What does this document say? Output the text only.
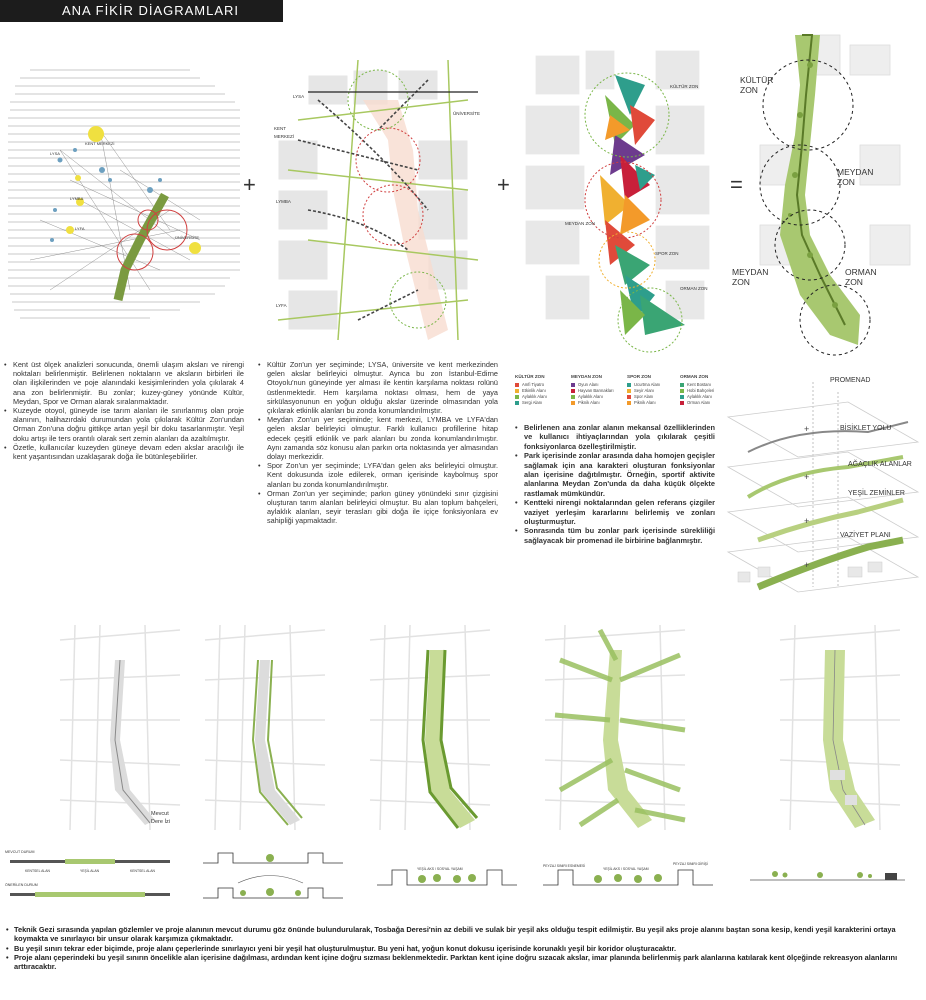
ANA FİKİR DİAGRAMLARI
KENT MERKEZİ
LYSA
LYMBA
ÜNİVERSİTE
LYFA
+
LYSA
KENT MERKEZİ
ÜNİVERSİTE
LYMBA
LYFA
+
KÜLTÜR ZON
MEYDAN ZON
SPOR ZON
ORMAN ZON
=
KÜLTÜR
ZON
MEYDAN
ZON
MEYDAN
ZON
ORMAN
ZON
• Kent üst ölçek analizleri sonucunda, önemli ulaşım aksları ve nirengi noktaları belirlenmiştir. Belirlenen noktaların ve aksların birbirleri ile olan ilişkilerinden ve poje alanındaki kesişimlerinden yola çıkılarak 4 ana zon belirlenmiştir. Bu zonlar; kuzey-güney yönünde Kültür, Meydan, Spor ve Orman alarak sıralanmaktadır.
• Kuzeyde otoyol, güneyde ise tarım alanları ile sınırlanmış olan proje alanının, halihazırdaki durumundan yola çıkılarak Kültür Zon'undan Orman Zon'una doğru gittikçe artan yeşil bir doku tasarlanmıştır. Yeşil doku artışı ile ters orantılı olarak sert zemin alanları da azaltılmıştır.
• Özetle, kullanıcılar kuzeyden güneye devam eden akslar aracılığı ile kent yaşantısından uzaklaşarak doğa ile bütünleşebilirler.
• Kültür Zon'un yer seçiminde; LYSA, üniversite ve kent merkezinden gelen akslar belirleyici olmuştur. Ayrıca bu zon İstanbul-Edirne Otoyolu'nun güneyinde yer alması ile kentin karşılama noktası rolünü üstlenmektedir. Hem karşılama noktası olması, hem de yaya sirkülasyonunun en yoğun olduğu akslar üzerinde olmasından yola çıkılarak etkinlik alanları bu zonda konumlandırılmıştır.
• Meydan Zon'un yer seçiminde; kent merkezi, LYMBA ve LYFA'dan gelen akslar belirleyici olmuştur. Farklı kullanıcı profillerine hitap edecek çeşitli etkinlik ve park alanları bu zonda konumlandırılmıştır. Aynı zamanda söz konusu alan parkın orta noktasında yer almasından dolayı merkezidir.
• Spor Zon'un yer seçiminde; LYFA'dan gelen aks belirleyici olmuştur. Kent dokusunda izole edilerek, orman içerisinde kaybolmuş spor alanları bu zonda konumlandırılmıştır.
• Orman Zon'un yer seçiminde; parkın güney yönündeki sınır çizgisini oluşturan tarım alanları belirleyici olmuştur. Bu alan toplum bahçeleri, aylaklık alanları, seyir terasları gibi doğa ile içiçe fonksiyonlara ev sahipliği yapmaktadır.
KÜLTÜR ZON
Amfi Tiyatro
Etkinlik Alanı
Aylaklık Alanı
Sergi Alanı
MEYDAN ZON
Oyun Alanı
Hayvan Barınakları
Aylaklık Alanı
Piknik Alanı
SPOR ZON
Ucurtma Alanı
Seyir Alanı
Spor Alanı
Piknik Alanı
ORMAN ZON
Kent Bostanı
Hobi Bahçeleri
Aylaklık Alanı
Orman Alanı
• Belirlenen ana zonlar alanın mekansal özelliklerinden ve kullanıcı ihtiyaçlarından yola çıkılarak çeşitli fonksiyonlarca özelleştirilmiştir.
• Park içerisinde zonlar arasında daha homojen geçişler sağlamak için ana karakteri oluşturan fonksiyonlar alan içerisine dağıtılmıştır. Örneğin, sportif aktivite alanlarına Meydan Zon'unda da daha küçük ölçekte rastlamak mümkündür.
• Kentteki nirengi noktalarından gelen referans çizgiler vaziyet yerleşim kararlarını belirlemiş ve zonları oluşturmuştur.
• Sonrasında tüm bu zonlar park içerisinde sürekliliği sağlayacak bir promenad ile birbirine bağlanmıştır.
+
+
+
+
PROMENAD
BİSİKLET YOLU
AĞAÇLIK ALANLAR
YEŞİL ZEMİNLER
VAZİYET PLANI
Mevcut
Dere İzi
MEVCUT DURUM
ÖNERİLEN DURUM
KENTSEL ALAN	YEŞİL ALAN	KENTSEL ALAN	YEŞİL AKS / SOSYAL YAŞAM
PEYZAJ SINIRI ESNEMESİ	PEYZAJ SINIRI GİRİŞİ
YEŞİL AKS / SOSYAL YAŞAM
• Teknik Gezi sırasında yapılan gözlemler ve proje alanının mevcut durumu göz önünde bulundurularak, Tosbağa Deresi'nin az debili ve sulak bir yeşil aks olduğu tespit edilmiştir. Bu yeşil aks proje alanını baştan sona kesip, kendi yeşil karakterini ortaya koymakta ve sınırlayıcı bir unsur olarak karşımıza çıkmaktadır.
• Bu yeşil sınırı tekrar eder biçimde, proje alanı çeperlerinde sınırlayıcı yeni bir yeşil hat oluşturulmuştur. Bu yeni hat, yoğun konut dokusu içerisinde korunaklı yeşil bir koridor oluşturacaktır.
• Proje alanı çeperindeki bu yeşil sınırın öncelikle alan içerisine dağılması, ardından kent içine doğru sızması beklenmektedir. Parktan kent içine doğru sızacak akslar, imar planında belirlenmiş park alanlarına katılarak kent ölçeğinde rekreasyon alanlarını arttıracaktır.
